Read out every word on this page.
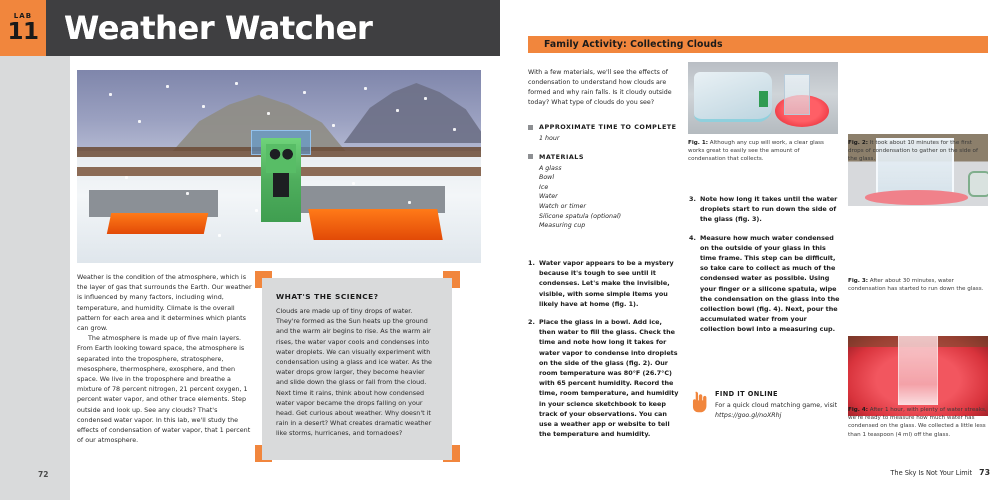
LAB
11 Weather Watcher

Weather is the condition of the atmosphere, which is the layer of gas that surrounds the Earth. Our weather is influenced by many factors, including wind, temperature, and humidity. Climate is the overall pattern for each area and it determines which plants can grow.

The atmosphere is made up of five main layers. From Earth looking toward space, the atmosphere is separated into the troposphere, stratosphere, mesosphere, thermosphere, exosphere, and then space. We live in the troposphere and breathe a mixture of 78 percent nitrogen, 21 percent oxygen, 1 percent water vapor, and other trace elements. Step outside and look up. See any clouds? That's condensed water vapor. In this lab, we'll study the effects of condensation of water vapor, that 1 percent of our atmosphere.

WHAT'S THE SCIENCE?

Clouds are made up of tiny drops of water. They're formed as the Sun heats up the ground and the warm air begins to rise. As the warm air rises, the water vapor cools and condenses into water droplets. We can visually experiment with condensation using a glass and ice water. As the water drops grow larger, they become heavier and slide down the glass or fall from the cloud. Next time it rains, think about how condensed water vapor became the drops falling on your head. Get curious about weather. Why doesn't it rain in a desert? What creates dramatic weather like storms, hurricanes, and tornadoes?

72
Family Activity: Collecting Clouds
With a few materials, we'll see the effects of condensation to understand how clouds are formed and why rain falls. Is it cloudy outside today? What type of clouds do you see?
APPROXIMATE TIME TO COMPLETE
1 hour
MATERIALS
A glass
Bowl
Ice
Water
Watch or timer
Silicone spatula (optional)
Measuring cup
1. Water vapor appears to be a mystery because it's tough to see until it condenses. Let's make the invisible, visible, with some simple items you likely have at home (fig. 1).
2. Place the glass in a bowl. Add ice, then water to fill the glass. Check the time and note how long it takes for water vapor to condense into droplets on the side of the glass (fig. 2). Our room temperature was 80°F (26.7°C) with 65 percent humidity. Record the time, room temperature, and humidity in your science sketchbook to keep track of your observations. You can use a weather app or website to tell the temperature and humidity.
3. Note how long it takes until the water droplets start to run down the side of the glass (fig. 3).
4. Measure how much water condensed on the outside of your glass in this time frame. This step can be difficult, so take care to collect as much of the condensed water as possible. Using your finger or a silicone spatula, wipe the condensation on the glass into the collection bowl (fig. 4). Next, pour the accumulated water from your collection bowl into a measuring cup.
FIND IT ONLINE
For a quick cloud matching game, visit https://goo.gl/noXRhj
Fig. 1: Although any cup will work, a clear glass works great to easily see the amount of condensation that collects.
Fig. 2: It took about 10 minutes for the first drops of condensation to gather on the side of the glass.
Fig. 3: After about 30 minutes, water condensation has started to run down the glass.
Fig. 4: After 1 hour, with plenty of water streaks, we're ready to measure how much water has condensed on the glass. We collected a little less than 1 teaspoon (4 ml) off the glass.
The Sky Is Not Your Limit 73
